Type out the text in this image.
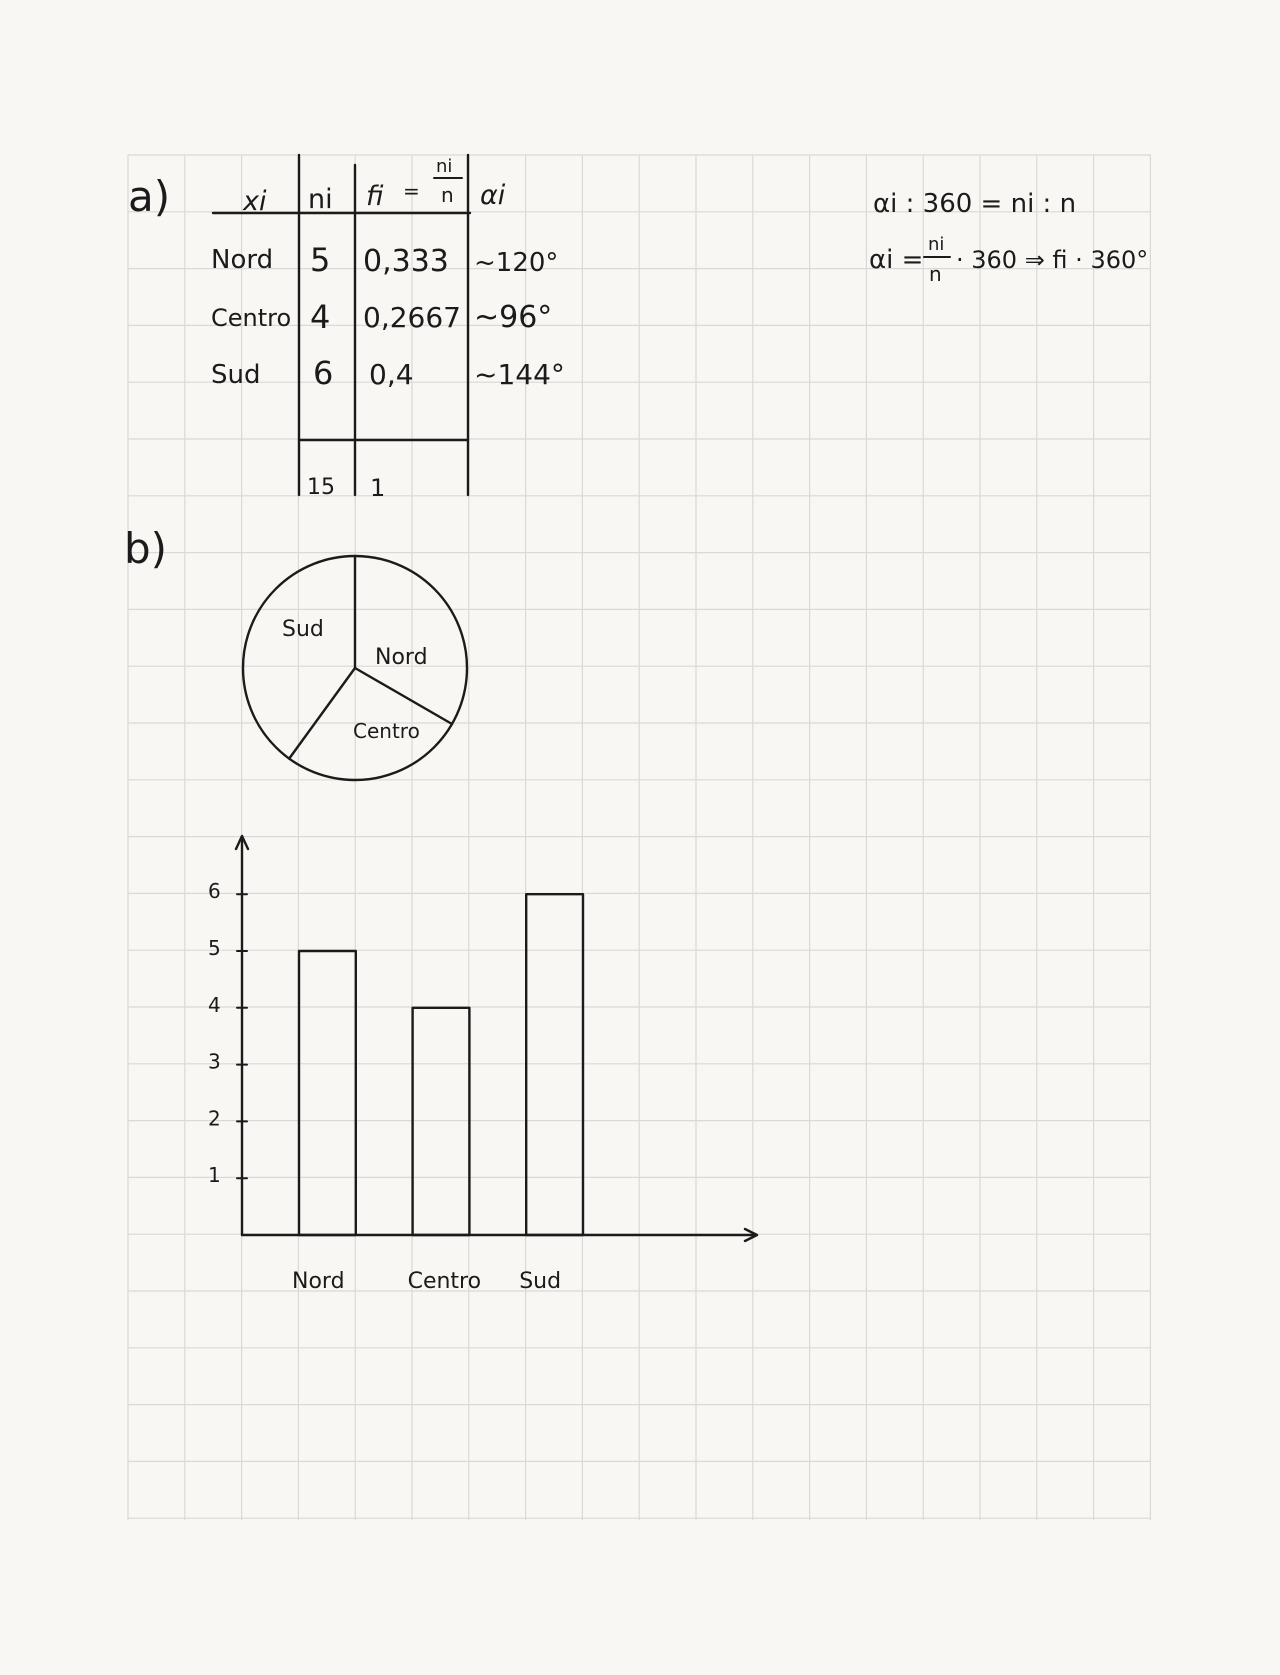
a)	xi ni fi =
ni
n αi
Nord 5 0,333 ~120°
Centro 4 0,2667 ~96°
Sud 6 0,4 ~144°
15 1
αi : 360 = ni : n
αi =
ni
n · 360 ⇒ fi · 360°
b)
Nord
Centro
Sud
1
2
3
4
5
6
Nord	Centro Sud
